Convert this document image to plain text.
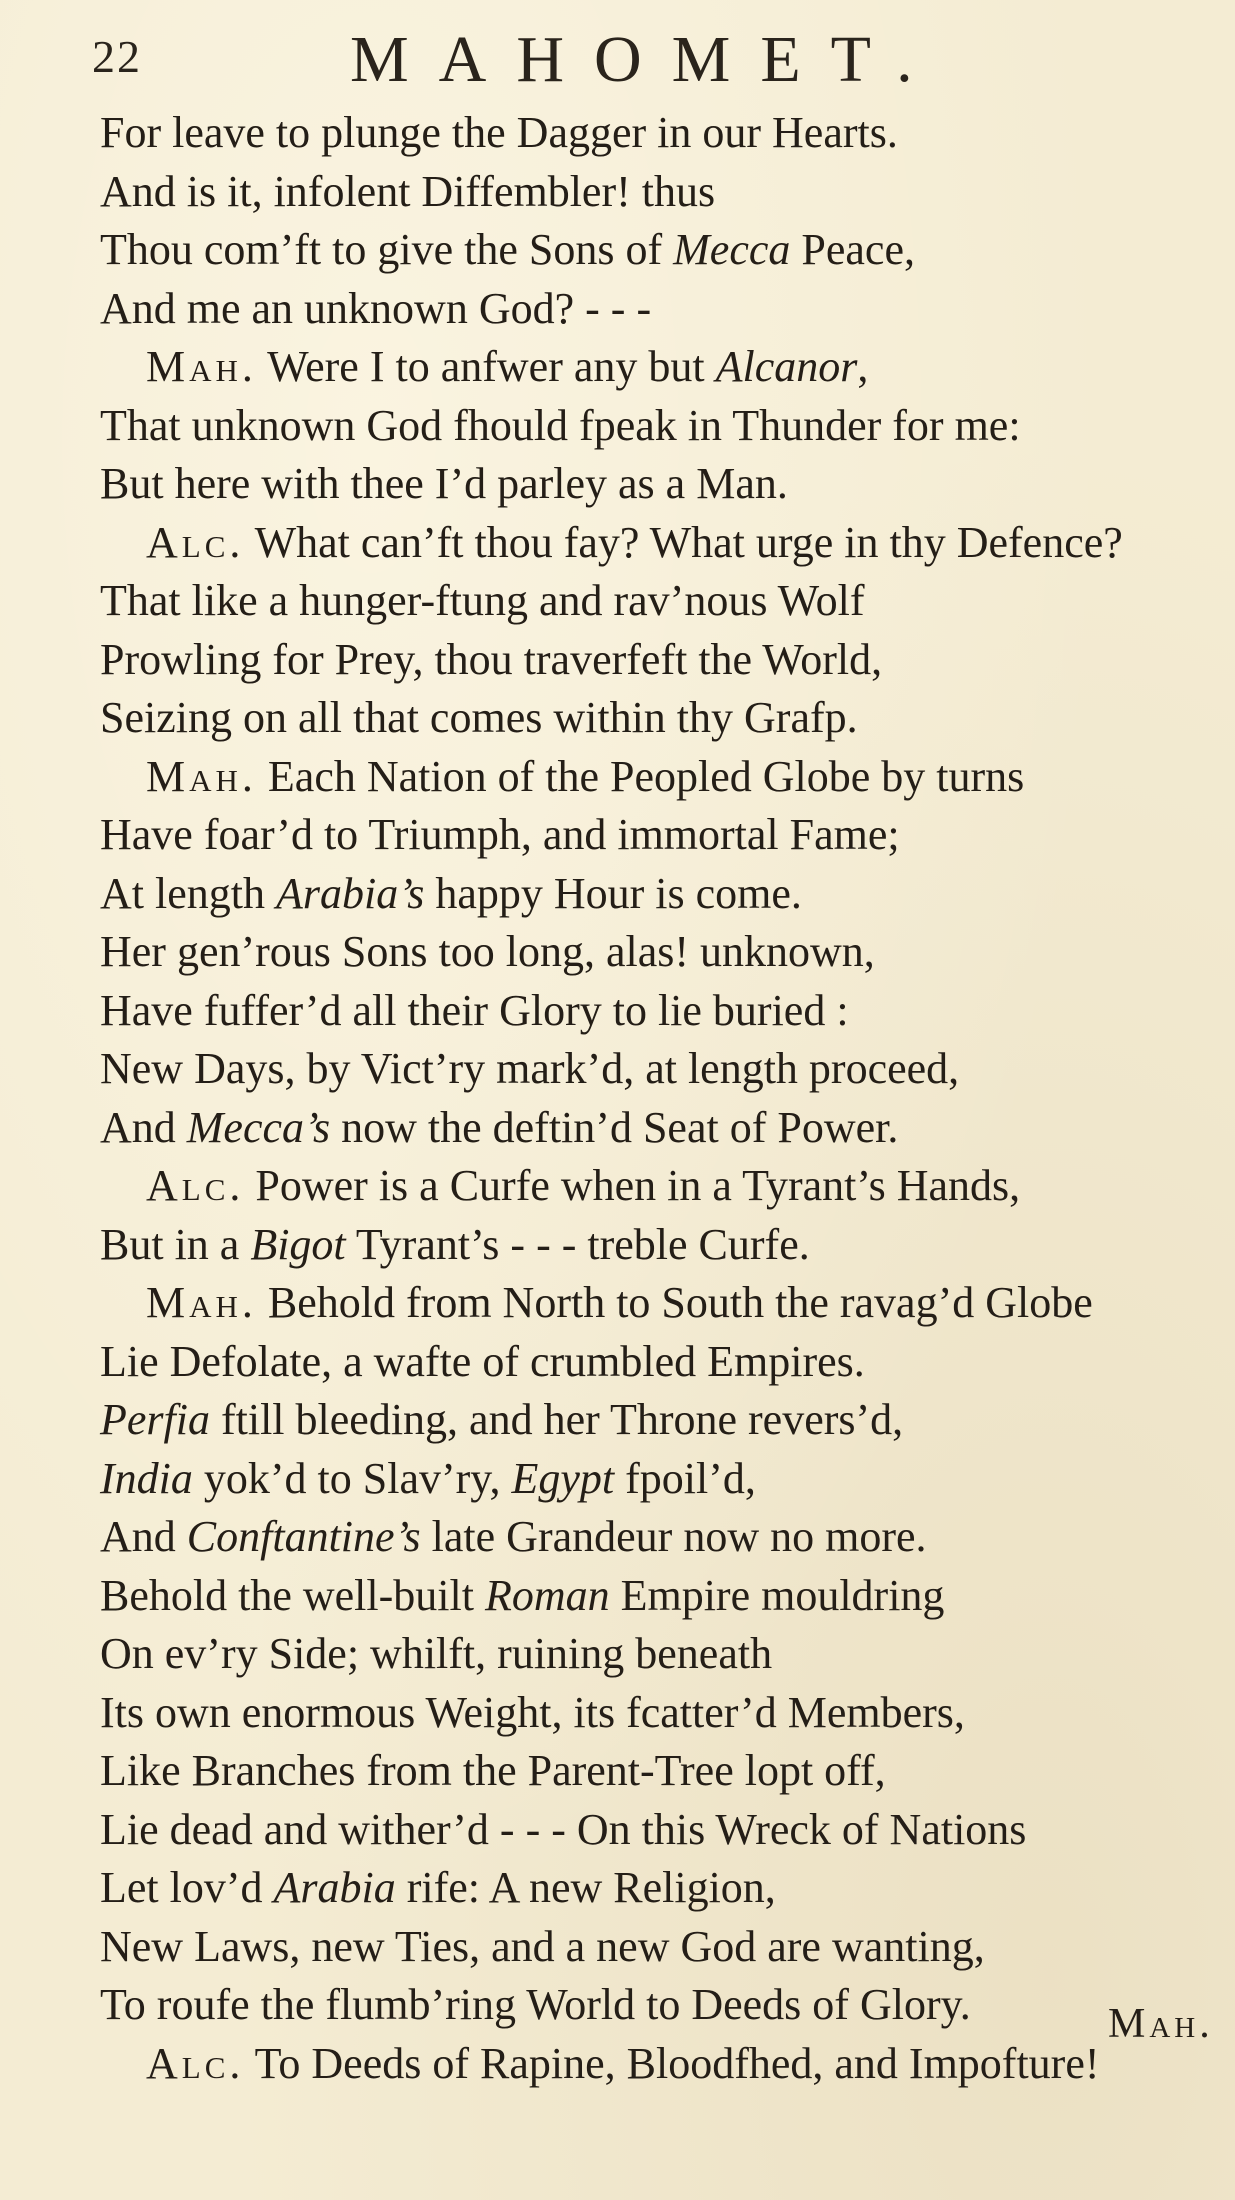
22	MAHOMET.
For leave to plunge the Dagger in our Hearts.
And is it, infolent Diffembler! thus
Thou com’ft to give the Sons of Mecca Peace,
And me an unknown God? - - -
Mah. Were I to anfwer any but Alcanor,
That unknown God fhould fpeak in Thunder for me:
But here with thee I’d parley as a Man.
Alc. What can’ft thou fay? What urge in thy Defence?
That like a hunger-ftung and rav’nous Wolf
Prowling for Prey, thou traverfeft the World,
Seizing on all that comes within thy Grafp.
Mah. Each Nation of the Peopled Globe by turns
Have foar’d to Triumph, and immortal Fame;
At length Arabia’s happy Hour is come.
Her gen’rous Sons too long, alas! unknown,
Have fuffer’d all their Glory to lie buried :
New Days, by Vict’ry mark’d, at length proceed,
And Mecca’s now the deftin’d Seat of Power.
Alc. Power is a Curfe when in a Tyrant’s Hands,
But in a Bigot Tyrant’s - - - treble Curfe.
Mah. Behold from North to South the ravag’d Globe
Lie Defolate, a wafte of crumbled Empires.
Perfia ftill bleeding, and her Throne revers’d,
India yok’d to Slav’ry, Egypt fpoil’d,
And Conftantine’s late Grandeur now no more.
Behold the well-built Roman Empire mouldring
On ev’ry Side; whilft, ruining beneath
Its own enormous Weight, its fcatter’d Members,
Like Branches from the Parent-Tree lopt off,
Lie dead and wither’d - - - On this Wreck of Nations
Let lov’d Arabia rife: A new Religion,
New Laws, new Ties, and a new God are wanting,
To roufe the flumb’ring World to Deeds of Glory.
Alc. To Deeds of Rapine, Bloodfhed, and Impofture!
Mah.
